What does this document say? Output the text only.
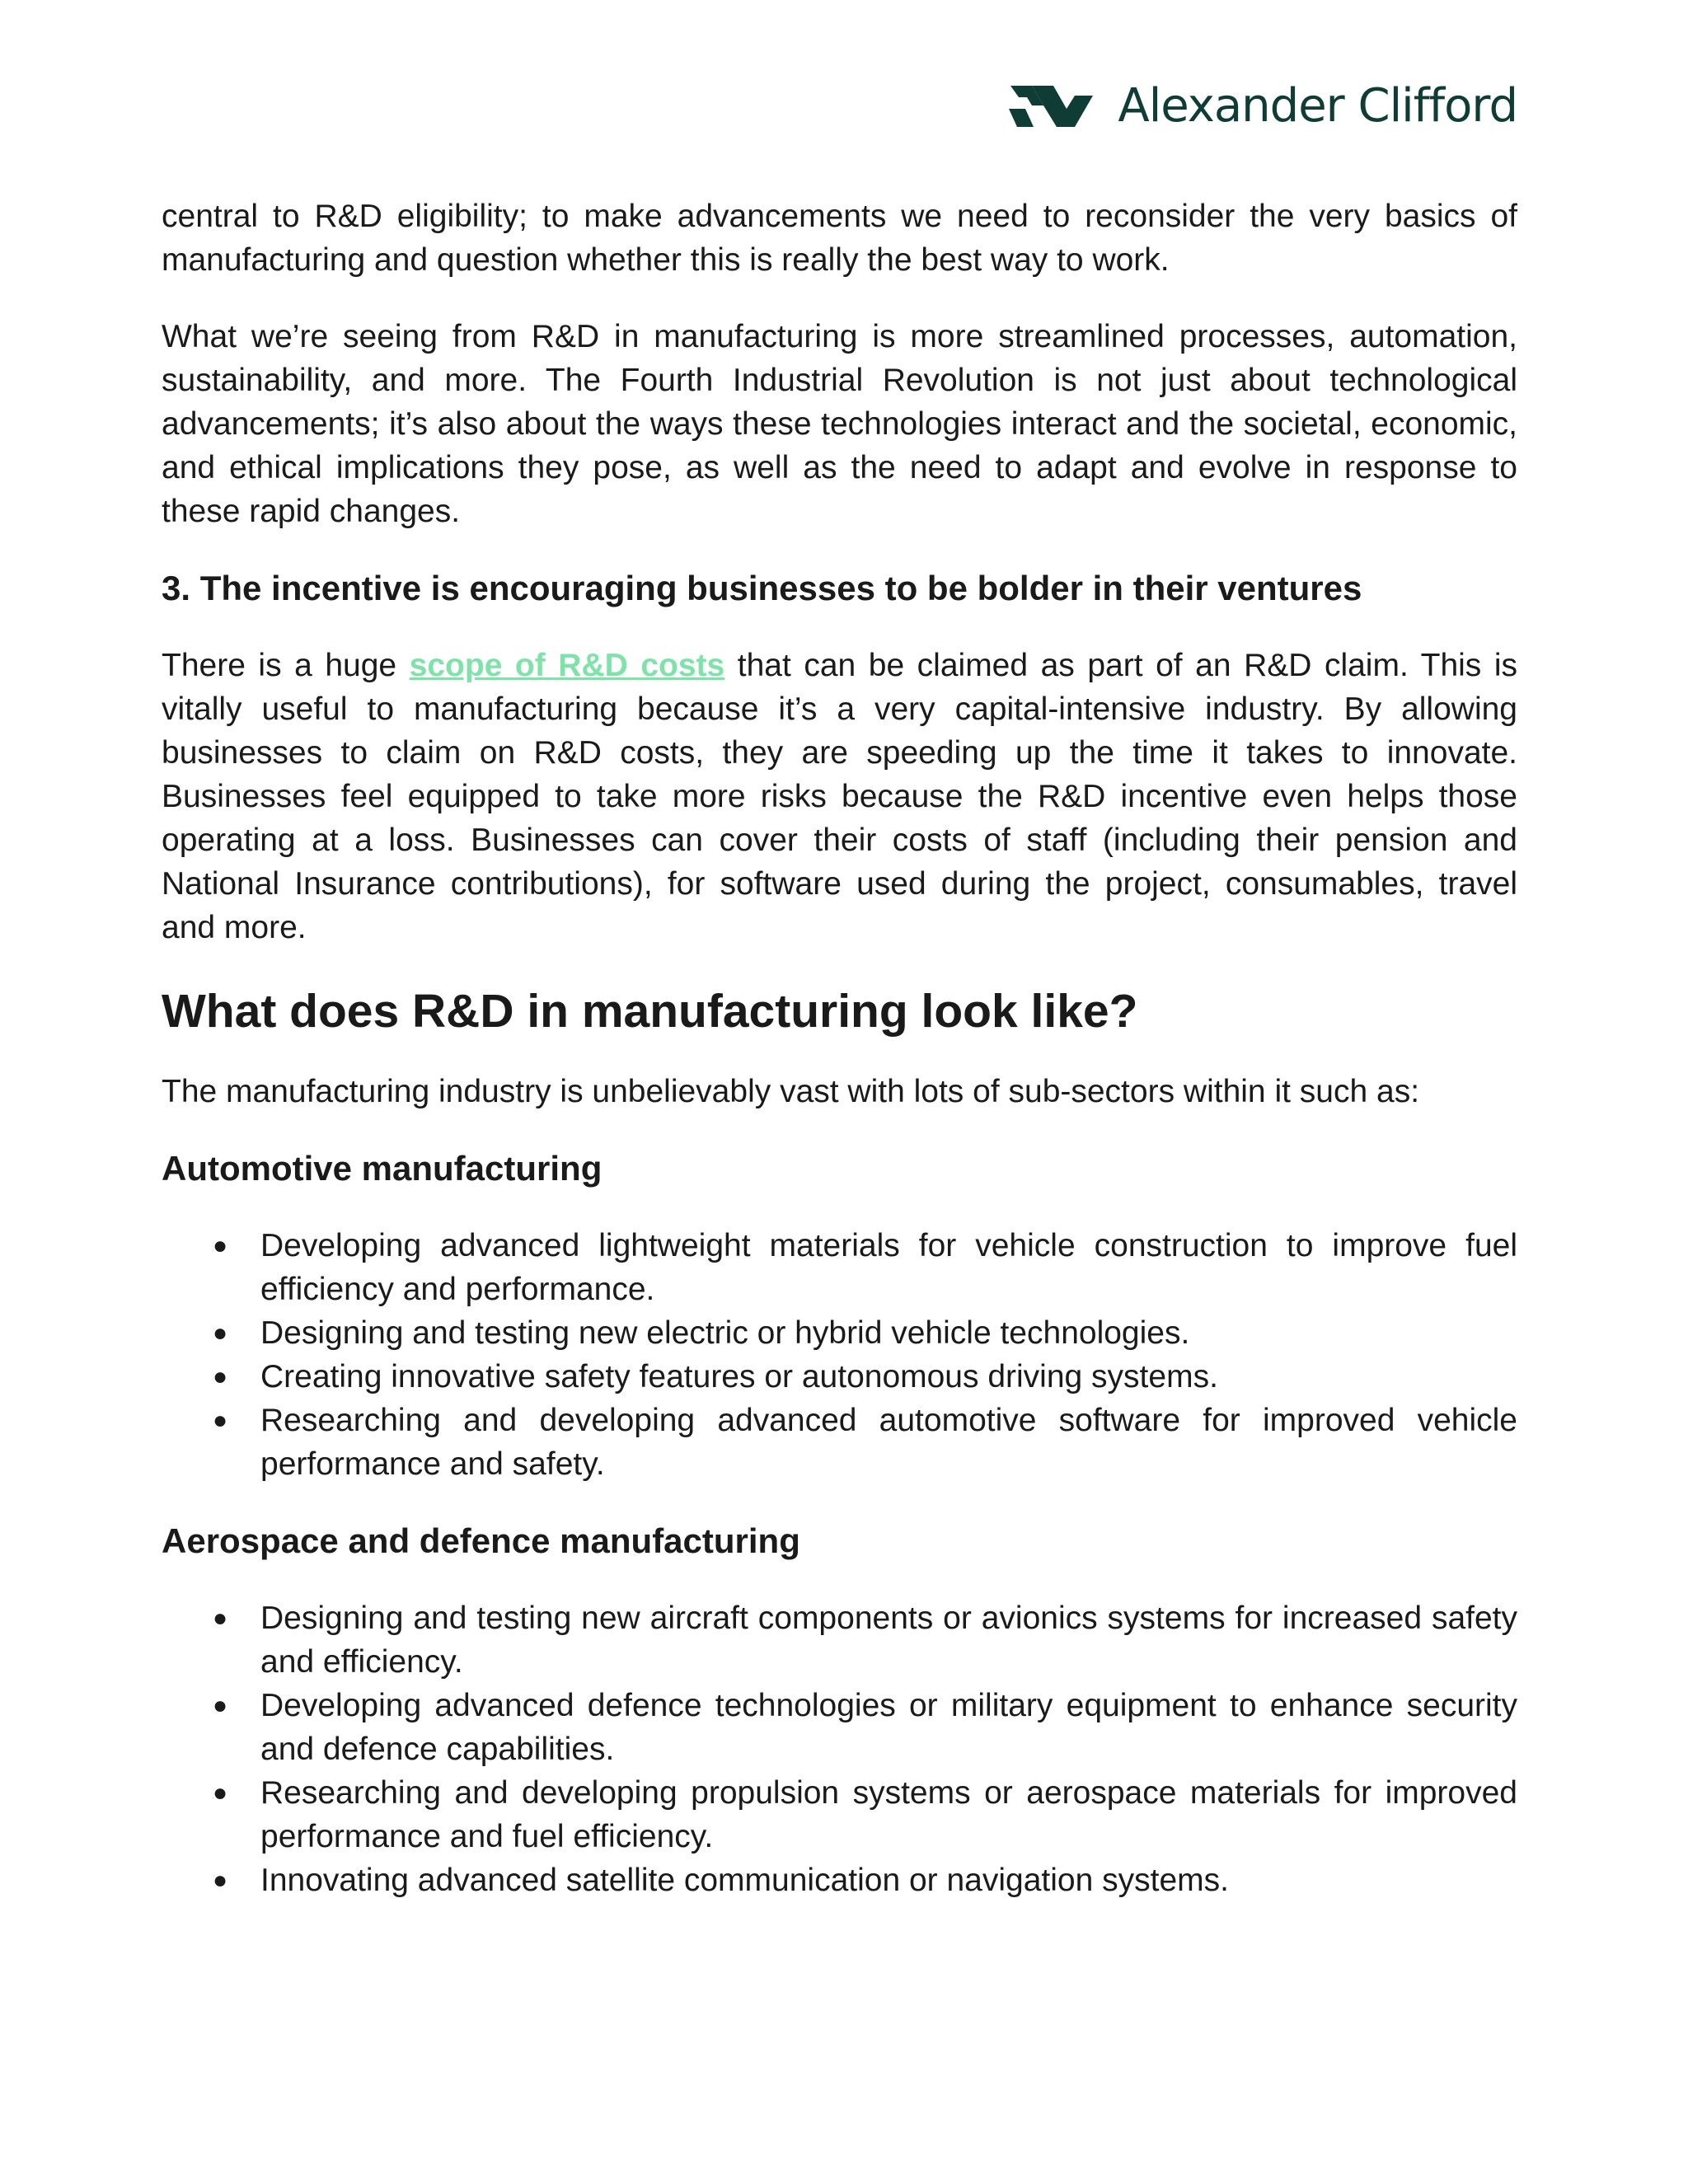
Alexander Clifford

central to R&D eligibility; to make advancements we need to reconsider the very basics of manufacturing and question whether this is really the best way to work.

What we’re seeing from R&D in manufacturing is more streamlined processes, automation, sustainability, and more. The Fourth Industrial Revolution is not just about technological advancements; it’s also about the ways these technologies interact and the societal, economic, and ethical implications they pose, as well as the need to adapt and evolve in response to these rapid changes.

3. The incentive is encouraging businesses to be bolder in their ventures

There is a huge scope of R&D costs that can be claimed as part of an R&D claim. This is vitally useful to manufacturing because it’s a very capital-intensive industry. By allowing businesses to claim on R&D costs, they are speeding up the time it takes to innovate. Businesses feel equipped to take more risks because the R&D incentive even helps those operating at a loss. Businesses can cover their costs of staff (including their pension and National Insurance contributions), for software used during the project, consumables, travel and more.

What does R&D in manufacturing look like?

The manufacturing industry is unbelievably vast with lots of sub-sectors within it such as:

Automotive manufacturing
● Developing advanced lightweight materials for vehicle construction to improve fuel efficiency and performance.
● Designing and testing new electric or hybrid vehicle technologies.
● Creating innovative safety features or autonomous driving systems.
● Researching and developing advanced automotive software for improved vehicle performance and safety.
Aerospace and defence manufacturing
● Designing and testing new aircraft components or avionics systems for increased safety and efficiency.
● Developing advanced defence technologies or military equipment to enhance security and defence capabilities.
● Researching and developing propulsion systems or aerospace materials for improved performance and fuel efficiency.
● Innovating advanced satellite communication or navigation systems.
